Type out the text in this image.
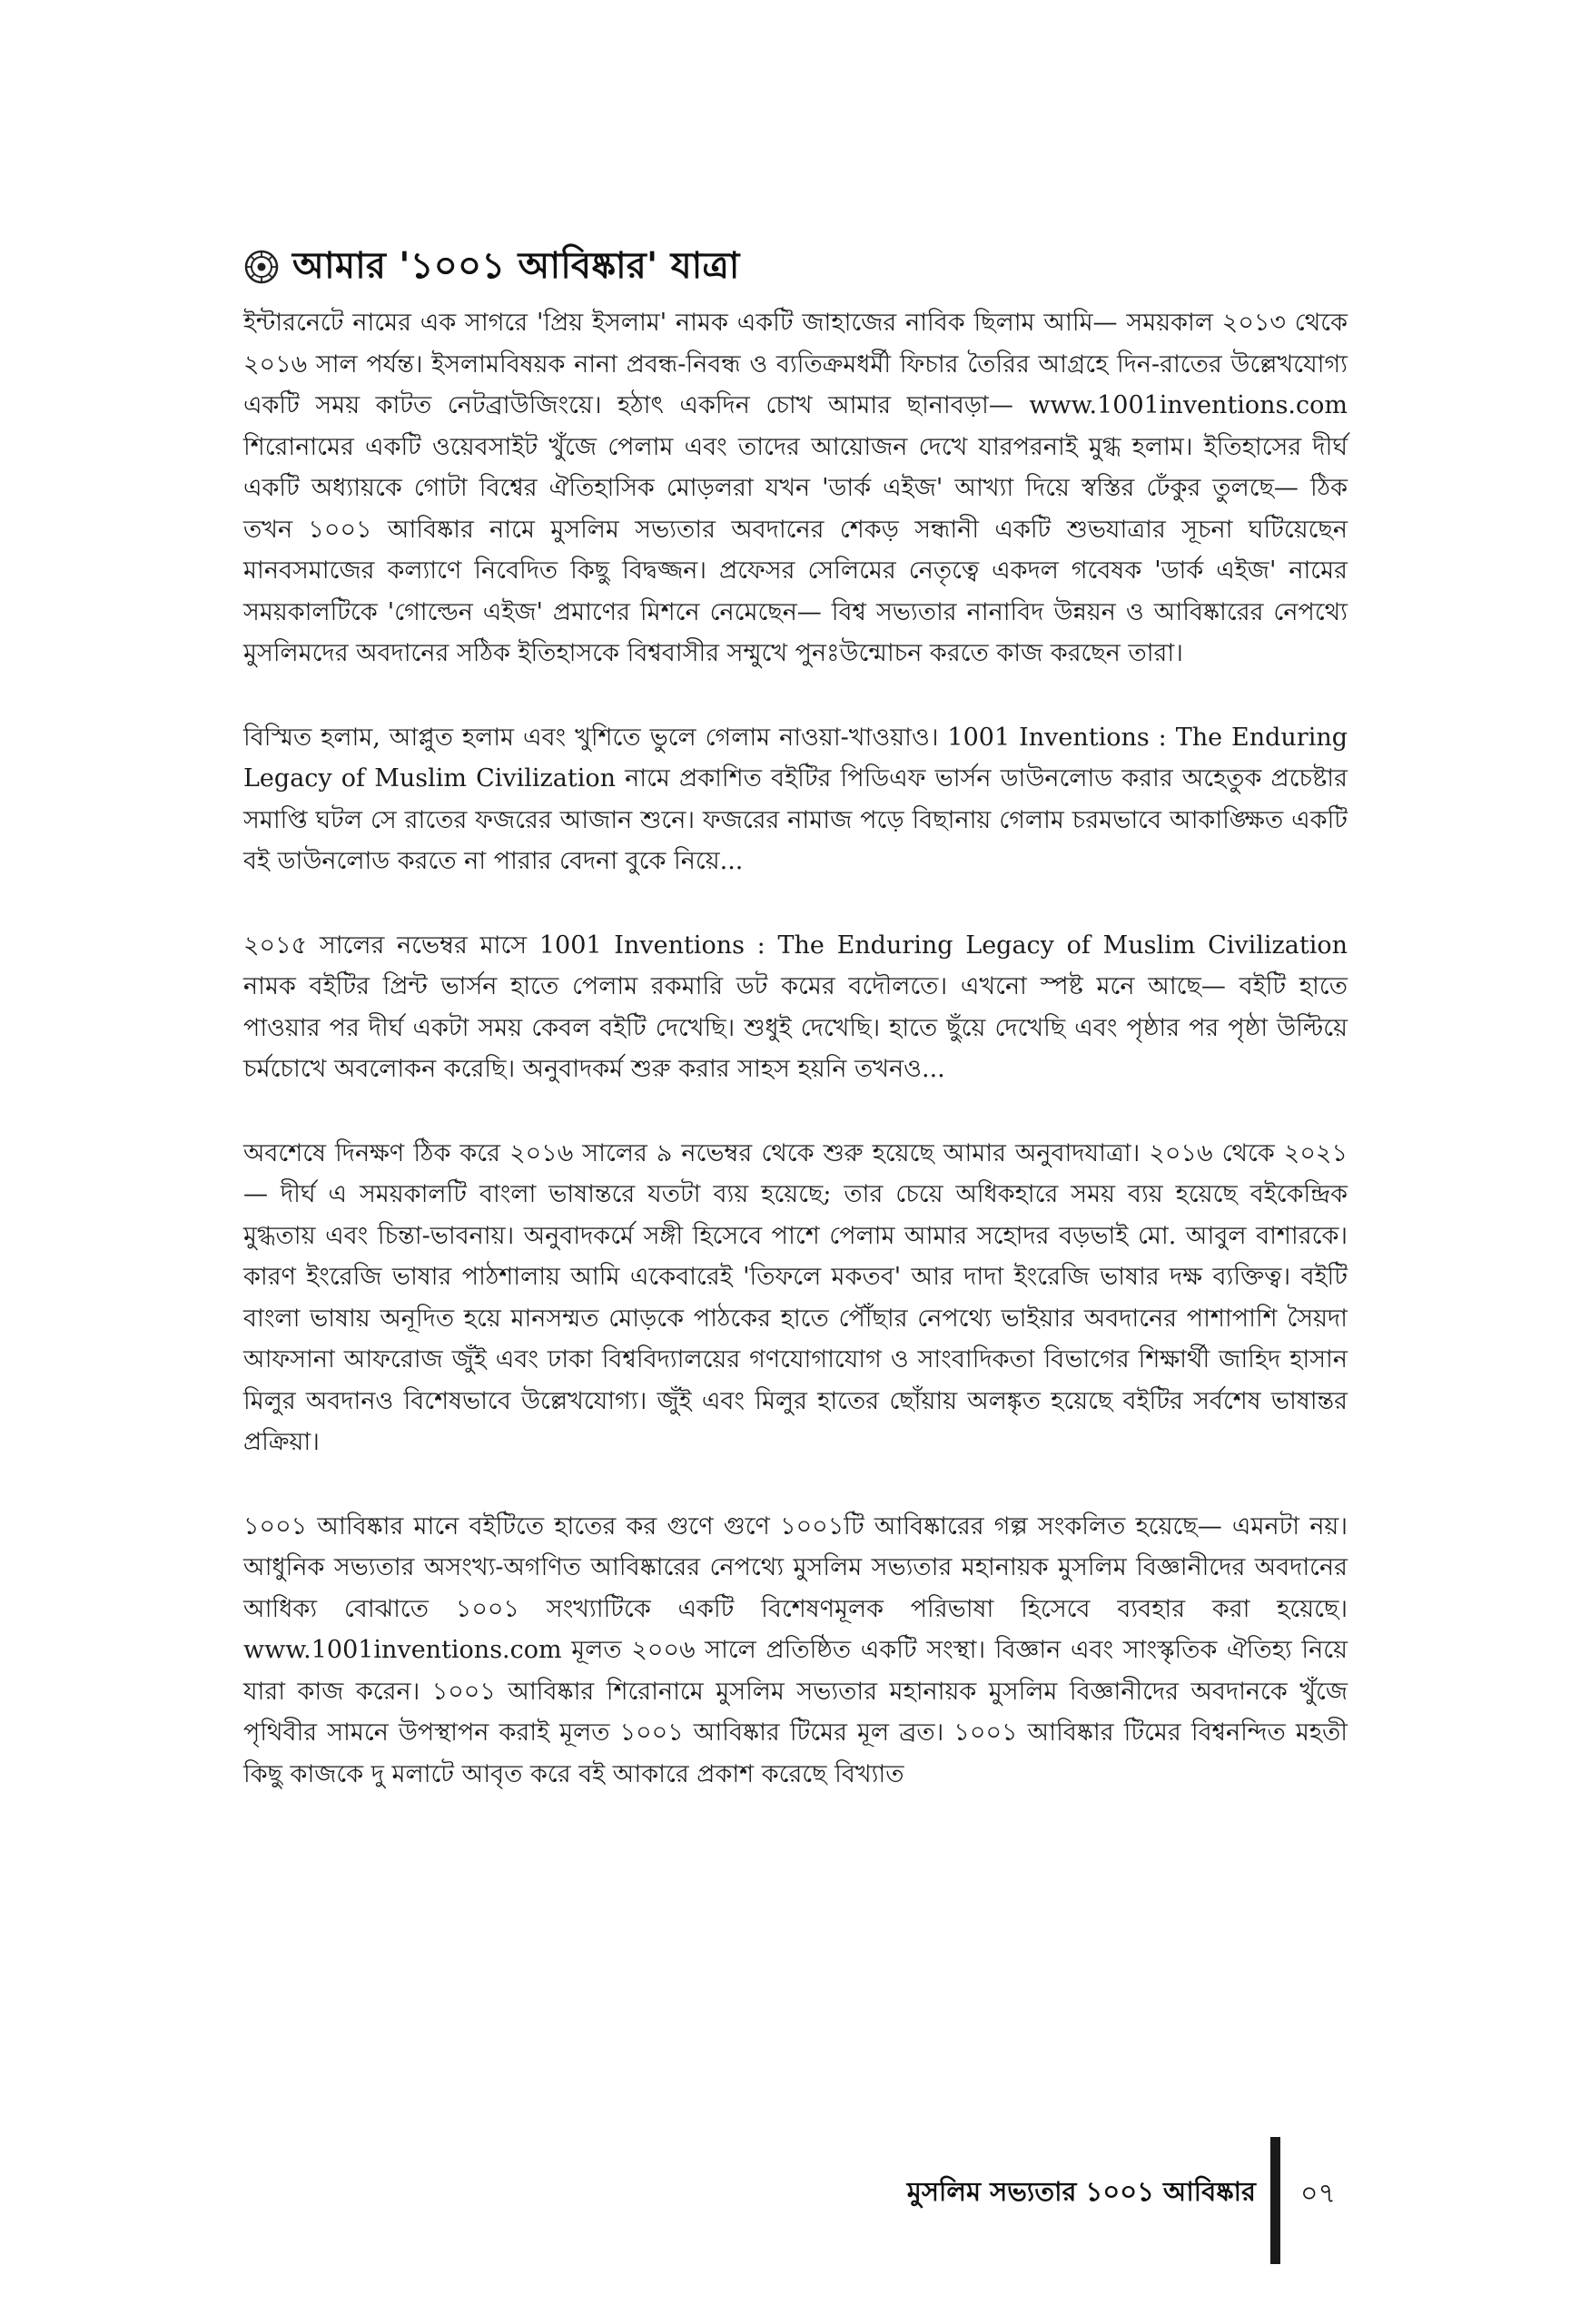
আমার '১০০১ আবিষ্কার' যাত্রা

ইন্টারনেটে নামের এক সাগরে 'প্রিয় ইসলাম' নামক একটি জাহাজের নাবিক ছিলাম আমি— সময়কাল ২০১৩ থেকে ২০১৬ সাল পর্যন্ত। ইসলামবিষয়ক নানা প্রবন্ধ-নিবন্ধ ও ব্যতিক্রমধর্মী ফিচার তৈরির আগ্রহে দিন-রাতের উল্লেখযোগ্য একটি সময় কাটত নেটব্রাউজিংয়ে। হঠাৎ একদিন চোখ আমার ছানাবড়া— www.1001inventions.com শিরোনামের একটি ওয়েবসাইট খুঁজে পেলাম এবং তাদের আয়োজন দেখে যারপরনাই মুগ্ধ হলাম। ইতিহাসের দীর্ঘ একটি অধ্যায়কে গোটা বিশ্বের ঐতিহাসিক মোড়লরা যখন 'ডার্ক এইজ' আখ্যা দিয়ে স্বস্তির ঢেঁকুর তুলছে— ঠিক তখন ১০০১ আবিষ্কার নামে মুসলিম সভ্যতার অবদানের শেকড় সন্ধানী একটি শুভযাত্রার সূচনা ঘটিয়েছেন মানবসমাজের কল্যাণে নিবেদিত কিছু বিদ্বজ্জন। প্রফেসর সেলিমের নেতৃত্বে একদল গবেষক 'ডার্ক এইজ' নামের সময়কালটিকে 'গোল্ডেন এইজ' প্রমাণের মিশনে নেমেছেন— বিশ্ব সভ্যতার নানাবিদ উন্নয়ন ও আবিষ্কারের নেপথ্যে মুসলিমদের অবদানের সঠিক ইতিহাসকে বিশ্ববাসীর সম্মুখে পুনঃউন্মোচন করতে কাজ করছেন তারা।

বিস্মিত হলাম, আপ্লুত হলাম এবং খুশিতে ভুলে গেলাম নাওয়া-খাওয়াও। 1001 Inventions : The Enduring Legacy of Muslim Civilization নামে প্রকাশিত বইটির পিডিএফ ভার্সন ডাউনলোড করার অহেতুক প্রচেষ্টার সমাপ্তি ঘটল সে রাতের ফজরের আজান শুনে। ফজরের নামাজ পড়ে বিছানায় গেলাম চরমভাবে আকাঙ্ক্ষিত একটি বই ডাউনলোড করতে না পারার বেদনা বুকে নিয়ে...

২০১৫ সালের নভেম্বর মাসে 1001 Inventions : The Enduring Legacy of Muslim Civilization নামক বইটির প্রিন্ট ভার্সন হাতে পেলাম রকমারি ডট কমের বদৌলতে। এখনো স্পষ্ট মনে আছে— বইটি হাতে পাওয়ার পর দীর্ঘ একটা সময় কেবল বইটি দেখেছি। শুধুই দেখেছি। হাতে ছুঁয়ে দেখেছি এবং পৃষ্ঠার পর পৃষ্ঠা উল্টিয়ে চর্মচোখে অবলোকন করেছি। অনুবাদকর্ম শুরু করার সাহস হয়নি তখনও...

অবশেষে দিনক্ষণ ঠিক করে ২০১৬ সালের ৯ নভেম্বর থেকে শুরু হয়েছে আমার অনুবাদযাত্রা। ২০১৬ থেকে ২০২১— দীর্ঘ এ সময়কালটি বাংলা ভাষান্তরে যতটা ব্যয় হয়েছে; তার চেয়ে অধিকহারে সময় ব্যয় হয়েছে বইকেন্দ্রিক মুগ্ধতায় এবং চিন্তা-ভাবনায়। অনুবাদকর্মে সঙ্গী হিসেবে পাশে পেলাম আমার সহোদর বড়ভাই মো. আবুল বাশারকে। কারণ ইংরেজি ভাষার পাঠশালায় আমি একেবারেই 'তিফলে মকতব' আর দাদা ইংরেজি ভাষার দক্ষ ব্যক্তিত্ব। বইটি বাংলা ভাষায় অনূদিত হয়ে মানসম্মত মোড়কে পাঠকের হাতে পৌঁছার নেপথ্যে ভাইয়ার অবদানের পাশাপাশি সৈয়দা আফসানা আফরোজ জুঁই এবং ঢাকা বিশ্ববিদ্যালয়ের গণযোগাযোগ ও সাংবাদিকতা বিভাগের শিক্ষার্থী জাহিদ হাসান মিলুর অবদানও বিশেষভাবে উল্লেখযোগ্য। জুঁই এবং মিলুর হাতের ছোঁয়ায় অলঙ্কৃত হয়েছে বইটির সর্বশেষ ভাষান্তর প্রক্রিয়া।

১০০১ আবিষ্কার মানে বইটিতে হাতের কর গুণে গুণে ১০০১টি আবিষ্কারের গল্প সংকলিত হয়েছে— এমনটা নয়। আধুনিক সভ্যতার অসংখ্য-অগণিত আবিষ্কারের নেপথ্যে মুসলিম সভ্যতার মহানায়ক মুসলিম বিজ্ঞানীদের অবদানের আধিক্য বোঝাতে ১০০১ সংখ্যাটিকে একটি বিশেষণমূলক পরিভাষা হিসেবে ব্যবহার করা হয়েছে। www.1001inventions.com মূলত ২০০৬ সালে প্রতিষ্ঠিত একটি সংস্থা। বিজ্ঞান এবং সাংস্কৃতিক ঐতিহ্য নিয়ে যারা কাজ করেন। ১০০১ আবিষ্কার শিরোনামে মুসলিম সভ্যতার মহানায়ক মুসলিম বিজ্ঞানীদের অবদানকে খুঁজে পৃথিবীর সামনে উপস্থাপন করাই মূলত ১০০১ আবিষ্কার টিমের মূল ব্রত। ১০০১ আবিষ্কার টিমের বিশ্বনন্দিত মহতী কিছু কাজকে দু মলাটে আবৃত করে বই আকারে প্রকাশ করেছে বিখ্যাত

মুসলিম সভ্যতার ১০০১ আবিষ্কার ০৭
